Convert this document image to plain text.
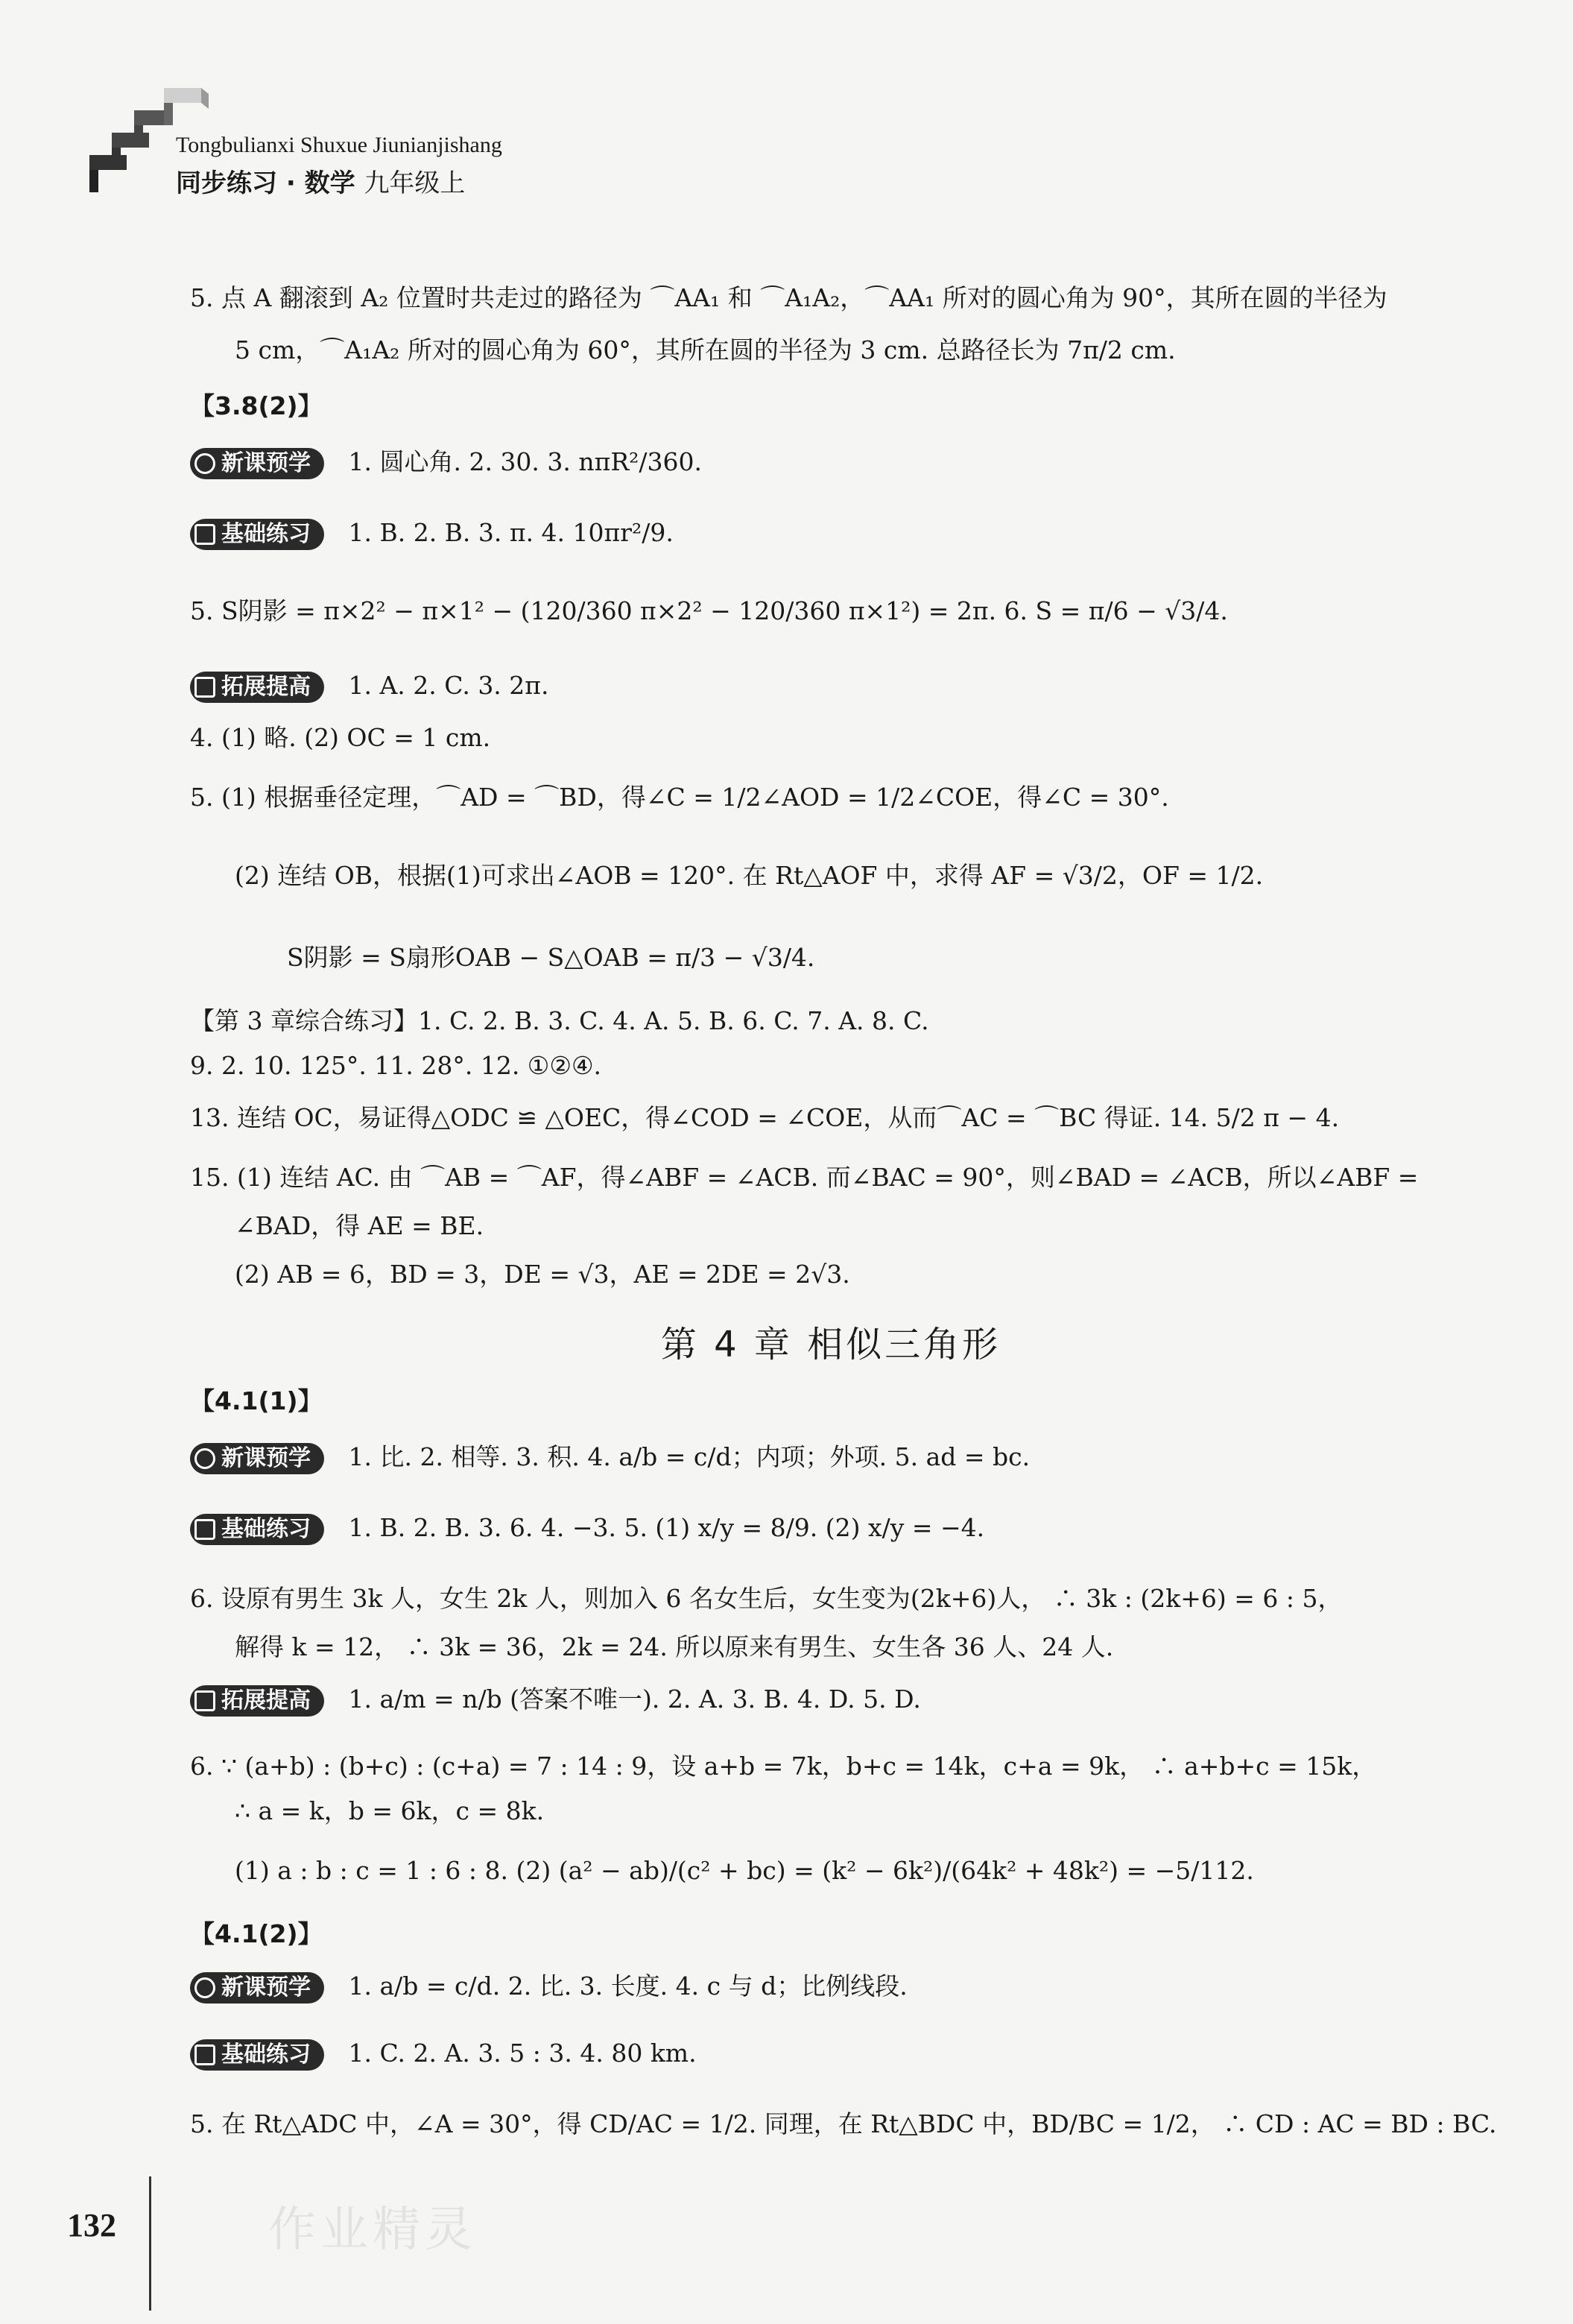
Tongbulianxi Shuxue Jiunianjishang
同步练习 · 数学 九年级上
5. 点 A 翻滚到 A₂ 位置时共走过的路径为 ⌒AA₁ 和 ⌒A₁A₂，⌒AA₁ 所对的圆心角为 90°，其所在圆的半径为
5 cm，⌒A₁A₂ 所对的圆心角为 60°，其所在圆的半径为 3 cm. 总路径长为 7π/2 cm.
【3.8(2)】
新课预学 1. 圆心角. 2. 30. 3. nπR²/360.
基础练习 1. B. 2. B. 3. π. 4. 10πr²/9.
5. S阴影 = π×2² − π×1² − (120/360 π×2² − 120/360 π×1²) = 2π. 6. S = π/6 − √3/4.
拓展提高 1. A. 2. C. 3. 2π.
4. (1) 略. (2) OC = 1 cm.
5. (1) 根据垂径定理，⌒AD = ⌒BD，得∠C = 1/2∠AOD = 1/2∠COE，得∠C = 30°.
(2) 连结 OB，根据(1)可求出∠AOB = 120°. 在 Rt△AOF 中，求得 AF = √3/2，OF = 1/2.
S阴影 = S扇形OAB − S△OAB = π/3 − √3/4.
【第 3 章综合练习】1. C. 2. B. 3. C. 4. A. 5. B. 6. C. 7. A. 8. C.
9. 2. 10. 125°. 11. 28°. 12. ①②④.
13. 连结 OC，易证得△ODC ≌ △OEC，得∠COD = ∠COE，从而⌒AC = ⌒BC 得证. 14. 5/2 π − 4.
15. (1) 连结 AC. 由 ⌒AB = ⌒AF，得∠ABF = ∠ACB. 而∠BAC = 90°，则∠BAD = ∠ACB，所以∠ABF =
∠BAD，得 AE = BE.
(2) AB = 6，BD = 3，DE = √3，AE = 2DE = 2√3.
第 4 章 相似三角形
【4.1(1)】
新课预学 1. 比. 2. 相等. 3. 积. 4. a/b = c/d；内项；外项. 5. ad = bc.
基础练习 1. B. 2. B. 3. 6. 4. −3. 5. (1) x/y = 8/9. (2) x/y = −4.
6. 设原有男生 3k 人，女生 2k 人，则加入 6 名女生后，女生变为(2k+6)人， ∴ 3k : (2k+6) = 6 : 5，
解得 k = 12， ∴ 3k = 36，2k = 24. 所以原来有男生、女生各 36 人、24 人.
拓展提高 1. a/m = n/b (答案不唯一). 2. A. 3. B. 4. D. 5. D.
6. ∵ (a+b) : (b+c) : (c+a) = 7 : 14 : 9，设 a+b = 7k，b+c = 14k，c+a = 9k， ∴ a+b+c = 15k，
∴ a = k，b = 6k，c = 8k.
(1) a : b : c = 1 : 6 : 8. (2) (a² − ab)/(c² + bc) = (k² − 6k²)/(64k² + 48k²) = −5/112.
【4.1(2)】
新课预学 1. a/b = c/d. 2. 比. 3. 长度. 4. c 与 d；比例线段.
基础练习 1. C. 2. A. 3. 5 : 3. 4. 80 km.
5. 在 Rt△ADC 中，∠A = 30°，得 CD/AC = 1/2. 同理，在 Rt△BDC 中，BD/BC = 1/2， ∴ CD : AC = BD : BC.
132	作业精灵
